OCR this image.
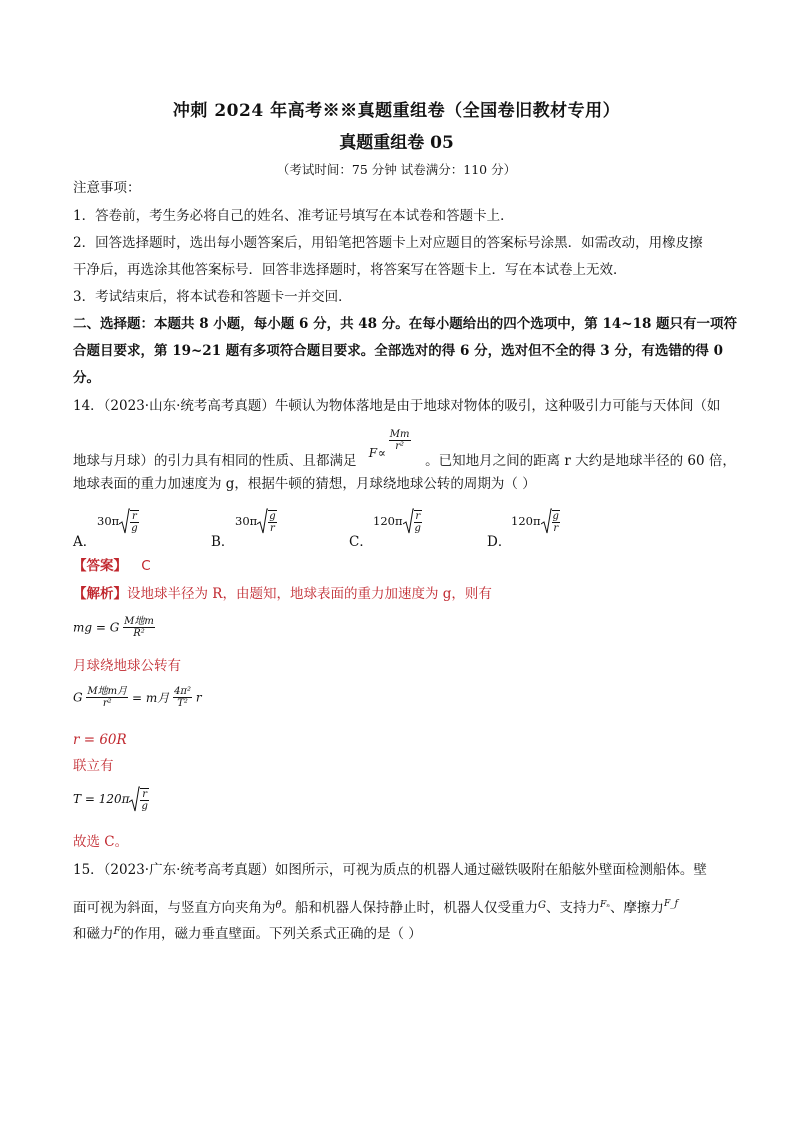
冲刺 2024 年高考※※真题重组卷（全国卷旧教材专用）
真题重组卷 05
（考试时间：75 分钟 试卷满分：110 分）
注意事项：
1．答卷前，考生务必将自己的姓名、准考证号填写在本试卷和答题卡上．
2．回答选择题时，选出每小题答案后，用铅笔把答题卡上对应题目的答案标号涂黑．如需改动，用橡皮擦
干净后，再选涂其他答案标号．回答非选择题时，将答案写在答题卡上．写在本试卷上无效．
3．考试结束后，将本试卷和答题卡一并交回．
二、选择题：本题共 8 小题，每小题 6 分，共 48 分。在每小题给出的四个选项中，第 14~18 题只有一项符
合题目要求，第 19~21 题有多项符合题目要求。全部选对的得 6 分，选对但不全的得 3 分，有选错的得 0
分。
14．（2023·山东·统考高考真题）牛顿认为物体落地是由于地球对物体的吸引，这种吸引力可能与天体间（如
地球与月球）的引力具有相同的性质、且都满足 F ∝
$\frac{Mm}{\text{r²}}$
。已知地月之间的距离 r 大约是地球半径的 60 倍，
地球表面的重力加速度为 g，根据牛顿的猜想，月球绕地球公转的周期为（ ）
A．
$30\pi \frac{r}{g}$
B．
$30\pi \frac{g}{r}$
C．
$120\pi \frac{r}{g}$
D．
$120\pi \frac{g}{r}$
【答案】 C
【解析】设地球半径为 R，由题知，地球表面的重力加速度为 g，则有
mg = G $\frac{\text{M地m}}{\text{R²}}$
月球绕地球公转有
G $\frac{\text{M地m月}}{\text{r²}} = m$月 $\frac{\text{4π²}}{\text{T²}}$ r
r = 60R
联立有
$T = 120\pi \frac{r}{g}$
故选 C。
15．（2023·广东·统考高考真题）如图所示，可视为质点的机器人通过磁铁吸附在船舷外壁面检测船体。壁
面可视为斜面，与竖直方向夹角为$^\theta$。船和机器人保持静止时，机器人仅受重力$^G$、支持力$^{F_n}$、摩擦力$^{F\_f}$
和磁力$^F$的作用，磁力垂直壁面。下列关系式正确的是（ ）
